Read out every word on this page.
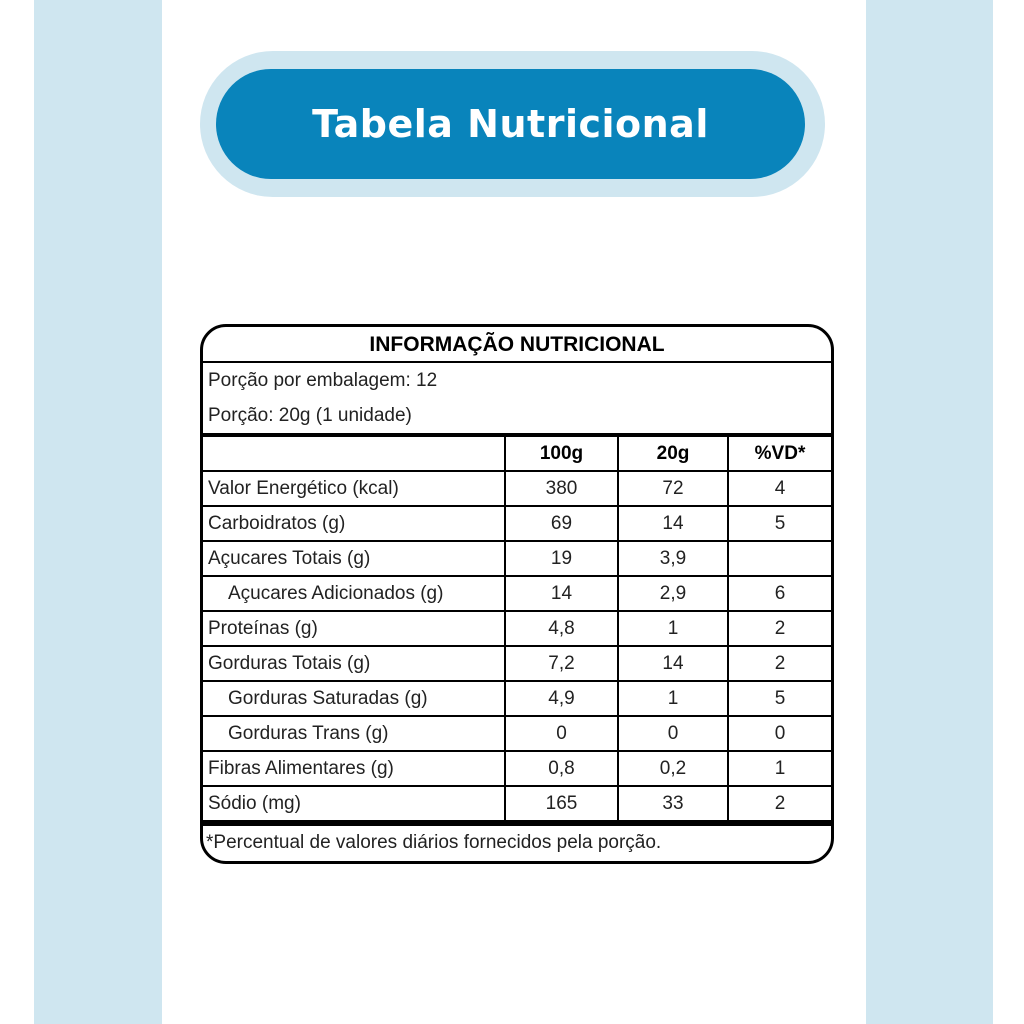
Tabela Nutricional
INFORMAÇÃO NUTRICIONAL
Porção por embalagem: 12
Porção: 20g (1 unidade)
	100g	20g	%VD*
Valor Energético (kcal)	380	72	4
Carboidratos (g)	69	14	5
Açucares Totais (g)	19	3,9	
Açucares Adicionados (g)	14	2,9	6
Proteínas (g)	4,8	1	2
Gorduras Totais (g)	7,2	14	2
Gorduras Saturadas (g)	4,9	1	5
Gorduras Trans (g)	0	0	0
Fibras Alimentares (g)	0,8	0,2	1
Sódio (mg)	165	33	2
*Percentual de valores diários fornecidos pela porção.
